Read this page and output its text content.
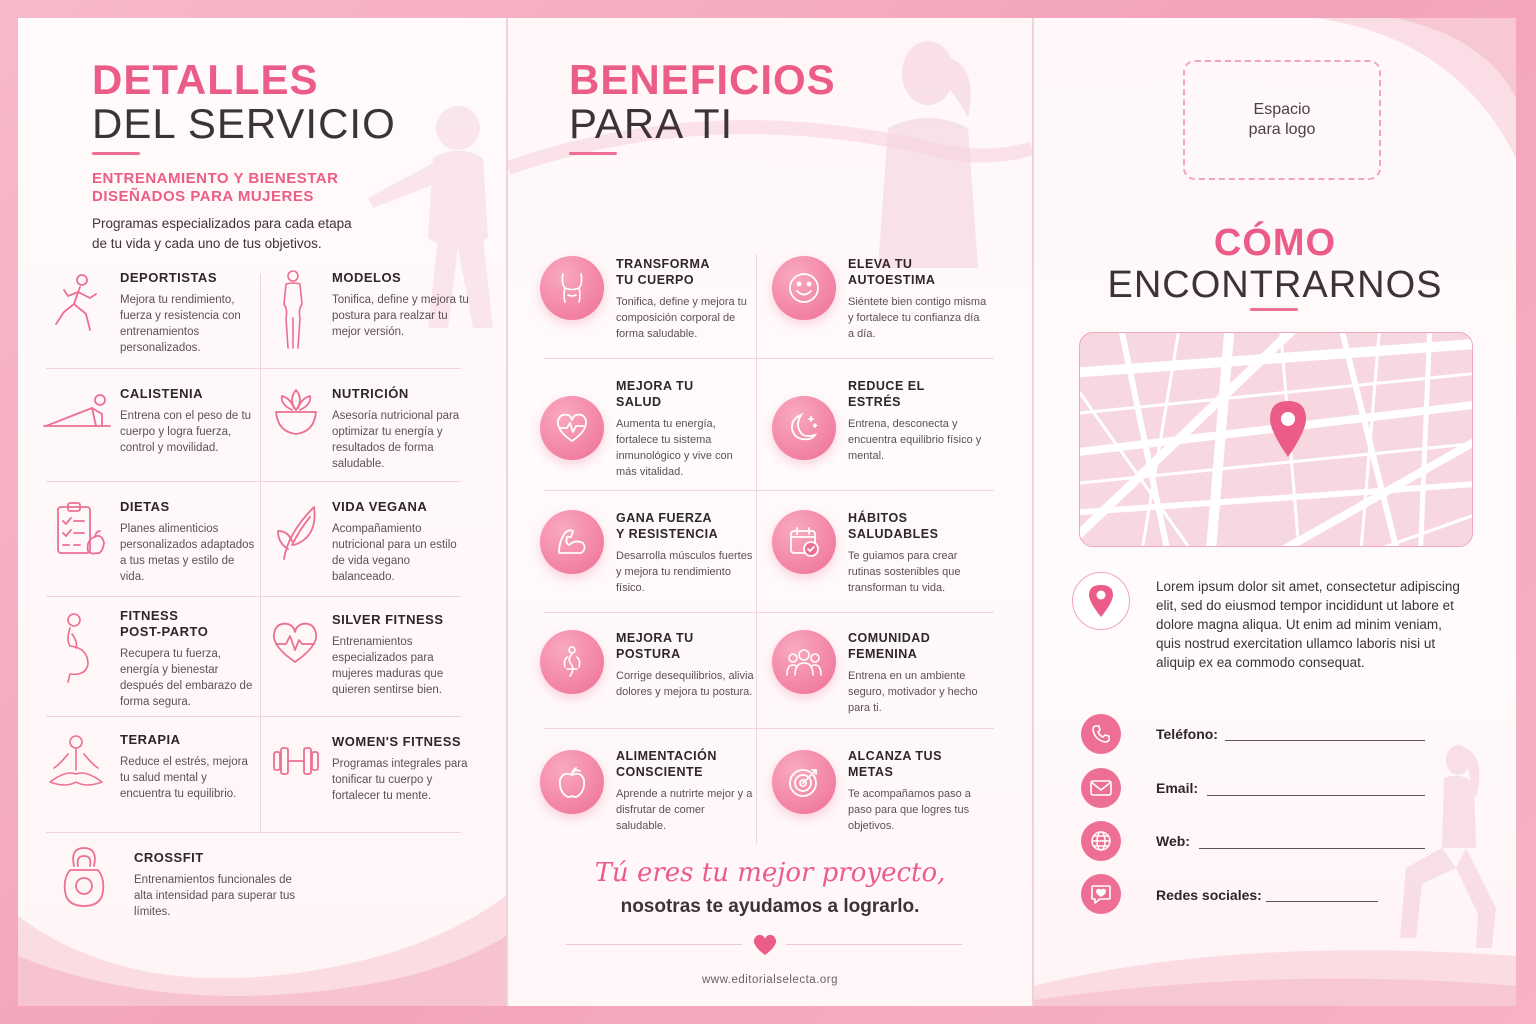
DETALLES
DEL SERVICIO
ENTRENAMIENTO Y BIENESTAR
DISEÑADOS PARA MUJERES
Programas especializados para cada etapa
de tu vida y cada uno de tus objetivos.
DEPORTISTAS
Mejora tu rendimiento, fuerza y resistencia con entrenamientos personalizados.
MODELOS
Tonifica, define y mejora tu postura para realzar tu mejor versión.
CALISTENIA
Entrena con el peso de tu cuerpo y logra fuerza, control y movilidad.
NUTRICIÓN
Asesoría nutricional para optimizar tu energía y resultados de forma saludable.
DIETAS
Planes alimenticios personalizados adaptados a tus metas y estilo de vida.
VIDA VEGANA
Acompañamiento nutricional para un estilo de vida vegano balanceado.
FITNESS
POST-PARTO
Recupera tu fuerza, energía y bienestar después del embarazo de forma segura.
SILVER FITNESS
Entrenamientos especializados para mujeres maduras que quieren sentirse bien.
TERAPIA
Reduce el estrés, mejora tu salud mental y encuentra tu equilibrio.
WOMEN'S FITNESS
Programas integrales para tonificar tu cuerpo y fortalecer tu mente.
CROSSFIT
Entrenamientos funcionales de alta intensidad para superar tus límites.
BENEFICIOS
PARA TI
TRANSFORMA
TU CUERPO
Tonifica, define y mejora tu composición corporal de forma saludable.
ELEVA TU
AUTOESTIMA
Siéntete bien contigo misma y fortalece tu confianza día a día.
MEJORA TU
SALUD
Aumenta tu energía, fortalece tu sistema inmunológico y vive con más vitalidad.
REDUCE EL
ESTRÉS
Entrena, desconecta y encuentra equilibrio físico y mental.
GANA FUERZA
Y RESISTENCIA
Desarrolla músculos fuertes y mejora tu rendimiento físico.
HÁBITOS
SALUDABLES
Te guiamos para crear rutinas sostenibles que transforman tu vida.
MEJORA TU
POSTURA
Corrige desequilibrios, alivia dolores y mejora tu postura.
COMUNIDAD
FEMENINA
Entrena en un ambiente seguro, motivador y hecho para ti.
ALIMENTACIÓN
CONSCIENTE
Aprende a nutrirte mejor y a disfrutar de comer saludable.
ALCANZA TUS
METAS
Te acompañamos paso a paso para que logres tus objetivos.
Tú eres tu mejor proyecto,
nosotras te ayudamos a lograrlo.
www.editorialselecta.org
Espacio
para logo
CÓMO
ENCONTRARNOS
Lorem ipsum dolor sit amet, consectetur adipiscing elit, sed do eiusmod tempor incididunt ut labore et dolore magna aliqua. Ut enim ad minim veniam, quis nostrud exercitation ullamco laboris nisi ut aliquip ex ea commodo consequat.
Teléfono:
Email:
Web:
Redes sociales:
